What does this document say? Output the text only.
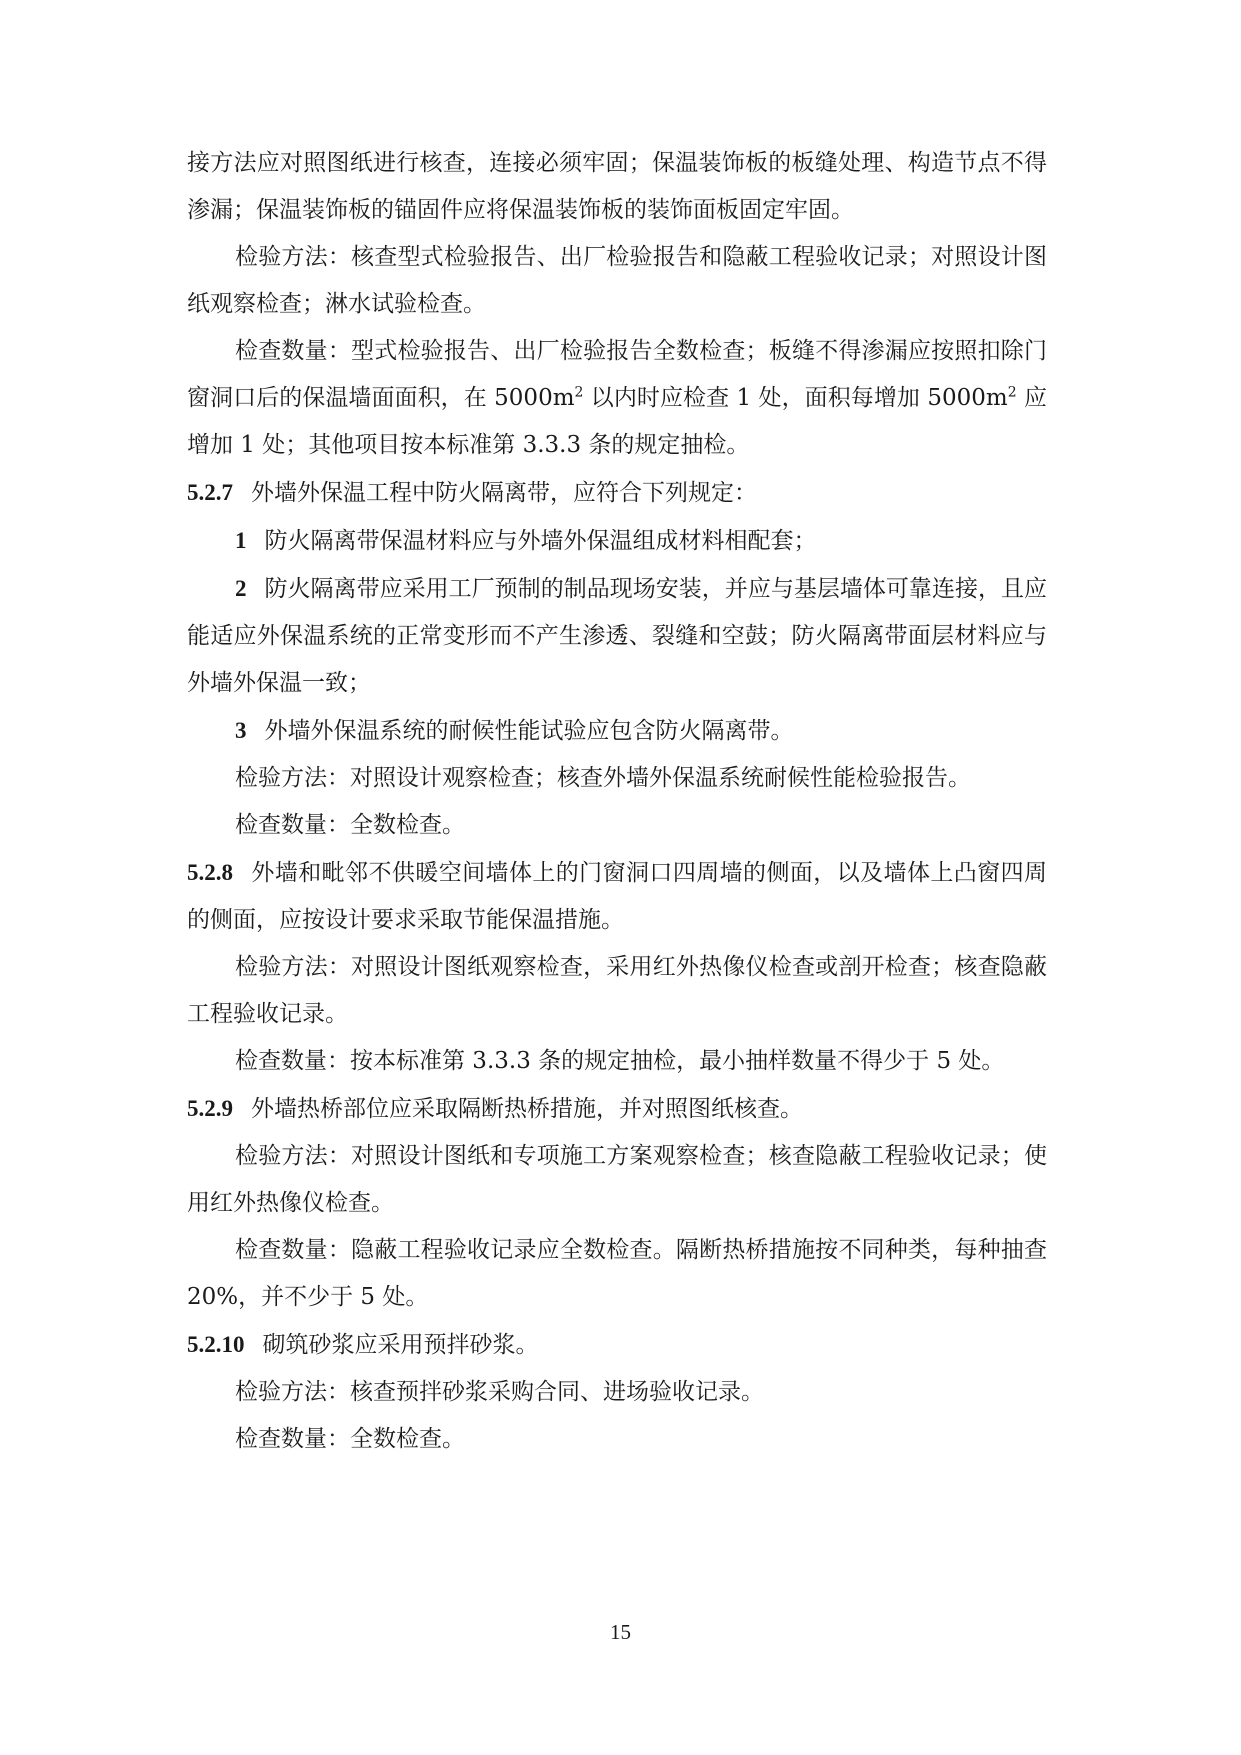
接方法应对照图纸进行核查，连接必须牢固；保温装饰板的板缝处理、构造节点不得渗漏；保温装饰板的锚固件应将保温装饰板的装饰面板固定牢固。

检验方法：核查型式检验报告、出厂检验报告和隐蔽工程验收记录；对照设计图纸观察检查；淋水试验检查。

检查数量：型式检验报告、出厂检验报告全数检查；板缝不得渗漏应按照扣除门窗洞口后的保温墙面面积，在 $5000m^2$ 以内时应检查 1 处，面积每增加 $5000m^2$ 应增加 1 处；其他项目按本标准第 3.3.3 条的规定抽检。

5.2.7 外墙外保温工程中防火隔离带，应符合下列规定：

1 防火隔离带保温材料应与外墙外保温组成材料相配套；

2 防火隔离带应采用工厂预制的制品现场安装，并应与基层墙体可靠连接，且应能适应外保温系统的正常变形而不产生渗透、裂缝和空鼓；防火隔离带面层材料应与外墙外保温一致；

3 外墙外保温系统的耐候性能试验应包含防火隔离带。

检验方法：对照设计观察检查；核查外墙外保温系统耐候性能检验报告。

检查数量：全数检查。

5.2.8 外墙和毗邻不供暖空间墙体上的门窗洞口四周墙的侧面，以及墙体上凸窗四周的侧面，应按设计要求采取节能保温措施。

检验方法：对照设计图纸观察检查，采用红外热像仪检查或剖开检查；核查隐蔽工程验收记录。

检查数量：按本标准第 3.3.3 条的规定抽检，最小抽样数量不得少于 5 处。

5.2.9 外墙热桥部位应采取隔断热桥措施，并对照图纸核查。

检验方法：对照设计图纸和专项施工方案观察检查；核查隐蔽工程验收记录；使用红外热像仪检查。

检查数量：隐蔽工程验收记录应全数检查。隔断热桥措施按不同种类，每种抽查 20%，并不少于 5 处。

5.2.10 砌筑砂浆应采用预拌砂浆。

检验方法：核查预拌砂浆采购合同、进场验收记录。

检查数量：全数检查。

15
